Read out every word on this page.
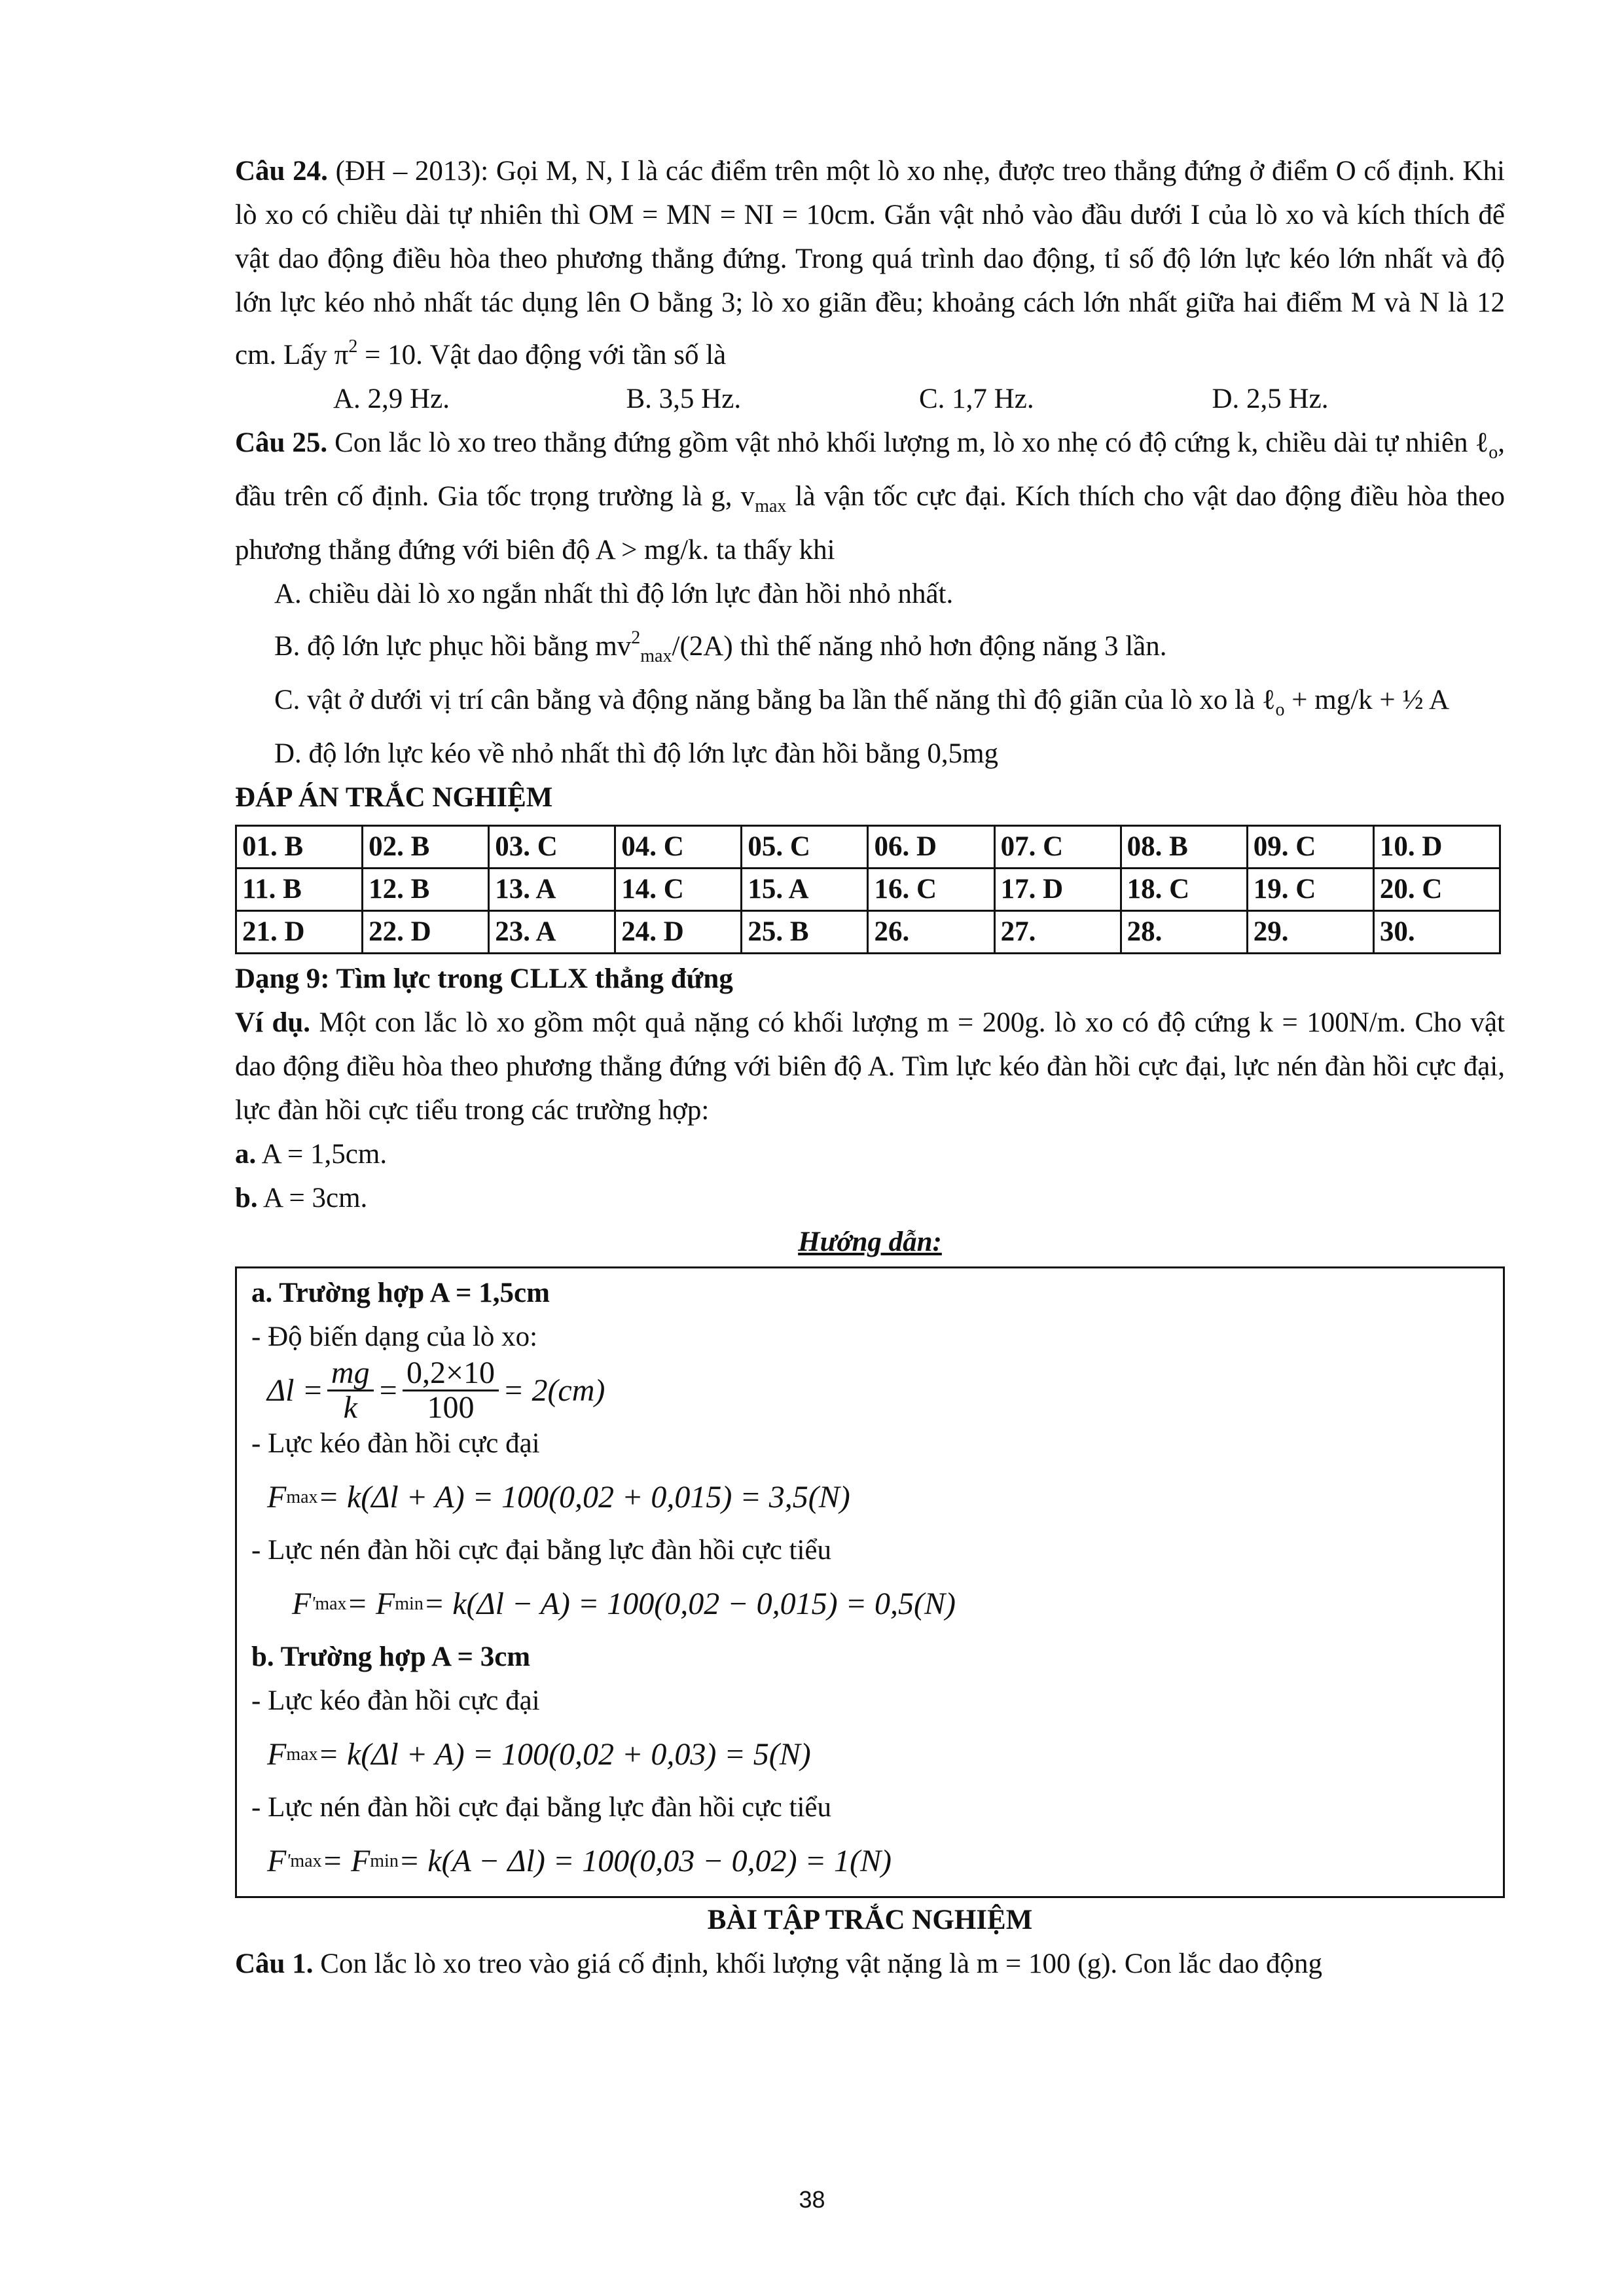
Câu 24. (ĐH – 2013): Gọi M, N, I là các điểm trên một lò xo nhẹ, được treo thẳng đứng ở điểm O cố định. Khi lò xo có chiều dài tự nhiên thì OM = MN = NI = 10cm. Gắn vật nhỏ vào đầu dưới I của lò xo và kích thích để vật dao động điều hòa theo phương thẳng đứng. Trong quá trình dao động, tỉ số độ lớn lực kéo lớn nhất và độ lớn lực kéo nhỏ nhất tác dụng lên O bằng 3; lò xo giãn đều; khoảng cách lớn nhất giữa hai điểm M và N là 12 cm. Lấy $\pi^2 = 10$. Vật dao động với tần số là

A. 2,9 Hz.	B. 3,5 Hz.	C. 1,7 Hz.	D. 2,5 Hz.

Câu 25. Con lắc lò xo treo thẳng đứng gồm vật nhỏ khối lượng m, lò xo nhẹ có độ cứng k, chiều dài tự nhiên ℓ$_o$, đầu trên cố định. Gia tốc trọng trường là g, $v_{max}$ là vận tốc cực đại. Kích thích cho vật dao động điều hòa theo phương thẳng đứng với biên độ A > mg/k. ta thấy khi

A. chiều dài lò xo ngắn nhất thì độ lớn lực đàn hồi nhỏ nhất.

B. độ lớn lực phục hồi bằng $mv^2_{max}/(2A)$ thì thế năng nhỏ hơn động năng 3 lần.

C. vật ở dưới vị trí cân bằng và động năng bằng ba lần thế năng thì độ giãn của lò xo là ℓ$_o$ + mg/k + ½ A

D. độ lớn lực kéo về nhỏ nhất thì độ lớn lực đàn hồi bằng 0,5mg

ĐÁP ÁN TRẮC NGHIỆM

01. B	02. B	03. C	04. C	05. C	06. D	07. C	08. B	09. C	10. D
11. B	12. B	13. A	14. C	15. A	16. C	17. D	18. C	19. C	20. C
21. D	22. D	23. A	24. D	25. B	26.	27.	28.	29.	30.

Dạng 9: Tìm lực trong CLLX thẳng đứng

Ví dụ. Một con lắc lò xo gồm một quả nặng có khối lượng m = 200g. lò xo có độ cứng k = 100N/m. Cho vật dao động điều hòa theo phương thẳng đứng với biên độ A. Tìm lực kéo đàn hồi cực đại, lực nén đàn hồi cực đại, lực đàn hồi cực tiểu trong các trường hợp:

a. A = 1,5cm.

b. A = 3cm.

Hướng dẫn:

a. Trường hợp A = 1,5cm

- Độ biến dạng của lò xo:

$\Delta l = \frac{mg}{k} = \frac{0,2\times 10}{100} = 2(cm)$

- Lực kéo đàn hồi cực đại

F max = k(Δl + A) = 100(0,02 + 0,015) = 3,5(N)

- Lực nén đàn hồi cực đại bằng lực đàn hồi cực tiểu

F ' max = F min = k(Δl − A) = 100(0,02 − 0,015) = 0,5(N)

b. Trường hợp A = 3cm

- Lực kéo đàn hồi cực đại

F max = k(Δl + A) = 100(0,02 + 0,03) = 5(N)

- Lực nén đàn hồi cực đại bằng lực đàn hồi cực tiểu

F ' max = F min = k(A − Δl) = 100(0,03 − 0,02) = 1(N)

BÀI TẬP TRẮC NGHIỆM

Câu 1. Con lắc lò xo treo vào giá cố định, khối lượng vật nặng là m = 100 (g). Con lắc dao động

38
